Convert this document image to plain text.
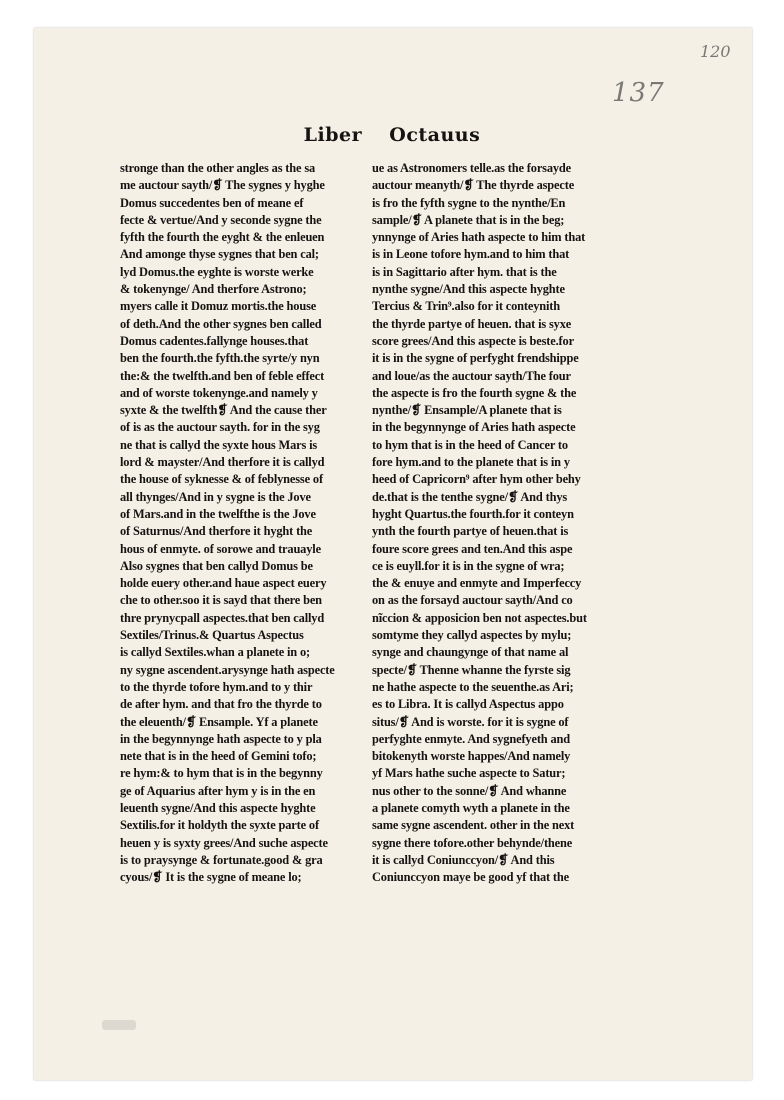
120
137
Liber Octauus
stronge than the other angles as the sa
me auctour sayth/❡ The sygnes y hyghe
Domus succedentes ben of meane ef
fecte & vertue/And y seconde sygne the
fyfth the fourth the eyght & the enleuen
And amonge thyse sygnes that ben cal;
lyd Domus.the eyghte is worste werke
& tokenynge/ And therfore Astrono;
myers calle it Domuz mortis.the house
of deth.And the other sygnes ben called
Domus cadentes.fallynge houses.that
ben the fourth.the fyfth.the syrte/y nyn
the:& the twelfth.and ben of feble effect
and of worste tokenynge.and namely y
syxte & the twelfth❡ And the cause ther
of is as the auctour sayth. for in the syg
ne that is callyd the syxte hous Mars is
lord & mayster/And therfore it is callyd
the house of syknesse & of feblynesse of
all thynges/And in y sygne is the Jove
of Mars.and in the twelfthe is the Jove
of Saturnus/And therfore it hyght the
hous of enmyte. of sorowe and trauayle
Also sygnes that ben callyd Domus be
holde euery other.and haue aspect euery
che to other.soo it is sayd that there ben
thre prynycpall aspectes.that ben callyd
Sextiles/Trinus.& Quartus Aspectus
is callyd Sextiles.whan a planete in o;
ny sygne ascendent.arysynge hath aspecte
to the thyrde tofore hym.and to y thir
de after hym. and that fro the thyrde to
the eleuenth/❡ Ensample. Yf a planete
in the begynnynge hath aspecte to y pla
nete that is in the heed of Gemini tofo;
re hym:& to hym that is in the begynny
ge of Aquarius after hym y is in the en
leuenth sygne/And this aspecte hyghte
Sextilis.for it holdyth the syxte parte of
heuen y is syxty grees/And suche aspecte
is to praysynge & fortunate.good & gra
cyous/❡ It is the sygne of meane lo;
ue as Astronomers telle.as the forsayde
auctour meanyth/❡ The thyrde aspecte
is fro the fyfth sygne to the nynthe/En
sample/❡ A planete that is in the beg;
ynnynge of Aries hath aspecte to him that
is in Leone tofore hym.and to him that
is in Sagittario after hym. that is the
nynthe sygne/And this aspecte hyghte
Tercius & Trin⁹.also for it conteynith
the thyrde partye of heuen. that is syxe
score grees/And this aspecte is beste.for
it is in the sygne of perfyght frendshippe
and loue/as the auctour sayth/The four
the aspecte is fro the fourth sygne & the
nynthe/❡ Ensample/A planete that is
in the begynnynge of Aries hath aspecte
to hym that is in the heed of Cancer to
fore hym.and to the planete that is in y
heed of Capricorn⁹ after hym other behy
de.that is the tenthe sygne/❡ And thys
hyght Quartus.the fourth.for it conteyn
ynth the fourth partye of heuen.that is
foure score grees and ten.And this aspe
ce is euyll.for it is in the sygne of wra;
the & enuye and enmyte and Imperfeccy
on as the forsayd auctour sayth/And co
nĩccion & apposicion ben not aspectes.but
somtyme they callyd aspectes by mylu;
synge and chaungynge of that name al
specte/❡ Thenne whanne the fyrste sig
ne hathe aspecte to the seuenthe.as Ari;
es to Libra. It is callyd Aspectus appo
situs/❡ And is worste. for it is sygne of
perfyghte enmyte. And sygnefyeth and
bitokenyth worste happes/And namely
yf Mars hathe suche aspecte to Satur;
nus other to the sonne/❡ And whanne
a planete comyth wyth a planete in the
same sygne ascendent. other in the next
sygne there tofore.other behynde/thene
it is callyd Coniunccyon/❡ And this
Coniunccyon maye be good yf that the
